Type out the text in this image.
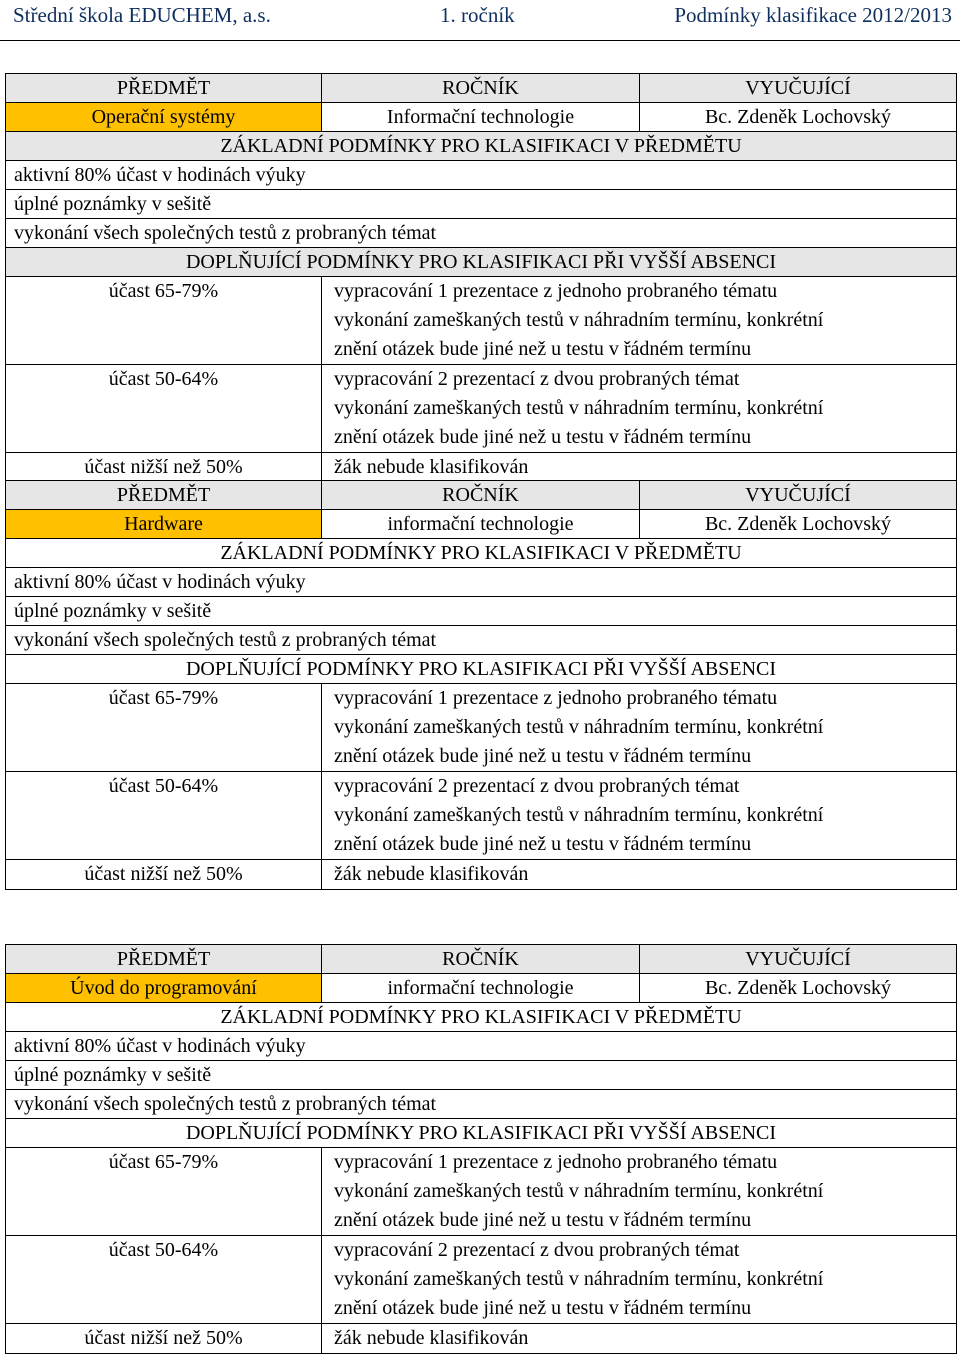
Střední škola EDUCHEM, a.s.	1. ročník	Podmínky klasifikace 2012/2013
PŘEDMĚT	ROČNÍK	VYUČUJÍCÍ
Operační systémy	Informační technologie	Bc. Zdeněk Lochovský
ZÁKLADNÍ PODMÍNKY PRO KLASIFIKACI V PŘEDMĚTU		
aktivní 80% účast v hodinách výuky		
úplné poznámky v sešitě		
vykonání všech společných testů z probraných témat		
DOPLŇUJÍCÍ PODMÍNKY PRO KLASIFIKACI PŘI VYŠŠÍ ABSENCI		

účast 65-79%	vypracování 1 prezentace z jednoho probraného tématu
vykonání zameškaných testů v náhradním termínu, konkrétní
znění otázek bude jiné než u testu v řádném termínu	

účast 50-64%	vypracování 2 prezentací z dvou probraných témat
vykonání zameškaných testů v náhradním termínu, konkrétní
znění otázek bude jiné než u testu v řádném termínu	

účast nižší než 50%	žák nebude klasifikován	
PŘEDMĚT	ROČNÍK	VYUČUJÍCÍ
Hardware	informační technologie	Bc. Zdeněk Lochovský
ZÁKLADNÍ PODMÍNKY PRO KLASIFIKACI V PŘEDMĚTU		
aktivní 80% účast v hodinách výuky		
úplné poznámky v sešitě		
vykonání všech společných testů z probraných témat		
DOPLŇUJÍCÍ PODMÍNKY PRO KLASIFIKACI PŘI VYŠŠÍ ABSENCI		

účast 65-79%	vypracování 1 prezentace z jednoho probraného tématu
vykonání zameškaných testů v náhradním termínu, konkrétní
znění otázek bude jiné než u testu v řádném termínu	

účast 50-64%	vypracování 2 prezentací z dvou probraných témat
vykonání zameškaných testů v náhradním termínu, konkrétní
znění otázek bude jiné než u testu v řádném termínu	

účast nižší než 50%	žák nebude klasifikován	
PŘEDMĚT	ROČNÍK	VYUČUJÍCÍ
Úvod do programování	informační technologie	Bc. Zdeněk Lochovský
ZÁKLADNÍ PODMÍNKY PRO KLASIFIKACI V PŘEDMĚTU		
aktivní 80% účast v hodinách výuky		
úplné poznámky v sešitě		
vykonání všech společných testů z probraných témat		
DOPLŇUJÍCÍ PODMÍNKY PRO KLASIFIKACI PŘI VYŠŠÍ ABSENCI		

účast 65-79%	vypracování 1 prezentace z jednoho probraného tématu
vykonání zameškaných testů v náhradním termínu, konkrétní
znění otázek bude jiné než u testu v řádném termínu	

účast 50-64%	vypracování 2 prezentací z dvou probraných témat
vykonání zameškaných testů v náhradním termínu, konkrétní
znění otázek bude jiné než u testu v řádném termínu	

účast nižší než 50%	žák nebude klasifikován	
